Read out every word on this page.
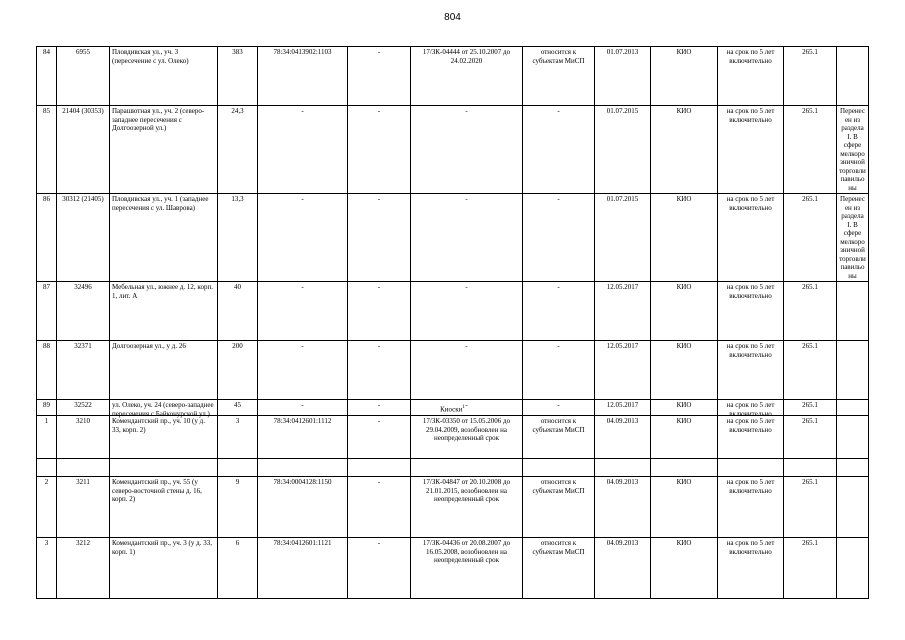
804
84	6955	Пловдивская ул., уч. 3 (пересечение с ул. Олеко)	383	78:34:0413902:1103	-	17/ЗК-04444 от 25.10.2007 до 24.02.2020	относится к субъектам МиСП	01.07.2013	КИО	на срок по 5 лет включительно	265.1	
85	21404 (30353)	Парашютная ул., уч. 2 (северо-западнее пересечения с Долгоозерной ул.)	24,3	-	-	-	-	01.07.2015	КИО	на срок по 5 лет включительно	265.1	Перенесен из раздела I. В сфере мелкорозничной торговли павильоны
86	30312 (21405)	Пловдивская ул., уч. 1 (западнее пересечения с ул. Шаврова)	13,3	-	-	-	-	01.07.2015	КИО	на срок по 5 лет включительно	265.1	Перенесен из раздела I. В сфере мелкорозничной торговли павильоны
87	32496	Мебельная ул., южнее д. 12, корп. 1, лит. А	40	-	-	-	-	12.05.2017	КИО	на срок по 5 лет включительно	265.1	
88	32371	Долгоозерная ул., у д. 26	200	-	-	-	-	12.05.2017	КИО	на срок по 5 лет включительно	265.1	
89	32522	ул. Олеко, уч. 24 (северо-западнее пересечения с Байконурской ул.)	45	-	-	-	-	12.05.2017	КИО	на срок по 5 лет включительно	265.1	
Киоски$^1$
1	3210	Комендантский пр., уч. 10 (у д. 33, корп. 2)	3	78:34:0412601:1112	-	17/ЗК-03350 от 15.05.2006 до 29.04.2009, возобновлен на неопределенный срок	относится к субъектам МиСП	04.09.2013	КИО	на срок по 5 лет включительно	265.1	
2	3211	Комендантский пр., уч. 55 (у северо-восточной стены д. 16, корп. 2)	9	78:34:0004128:1150	-	17/ЗК-04847 от 20.10.2008 до 21.01.2015, возобновлен на неопределенный срок	относится к субъектам МиСП	04.09.2013	КИО	на срок по 5 лет включительно	265.1	
3	3212	Комендантский пр., уч. 3 (у д. 33, корп. 1)	6	78:34:0412601:1121	-	17/ЗК-04436 от 20.08.2007 до 16.05.2008, возобновлен на неопределенный срок	относится к субъектам МиСП	04.09.2013	КИО	на срок по 5 лет включительно	265.1	
